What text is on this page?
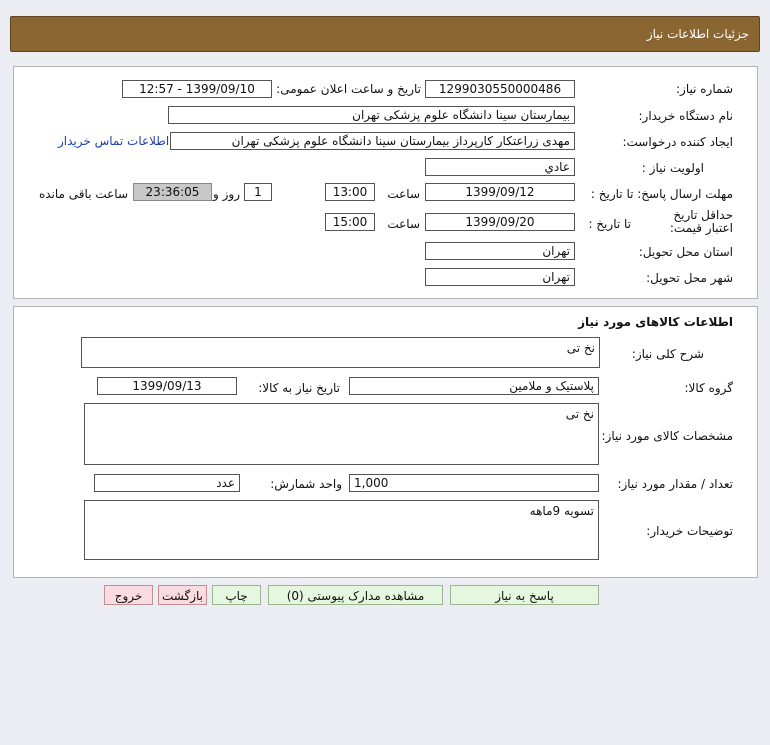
جزئیات اطلاعات نیاز
شماره نیاز:
1299030550000486
تاریخ و ساعت اعلان عمومی:
1399/09/10 - 12:57
نام دستگاه خریدار:
بیمارستان سینا دانشگاه علوم پزشکی تهران
ایجاد کننده درخواست:
مهدی زراعتکار کارپرداز بیمارستان سینا دانشگاه علوم پزشکی تهران
اطلاعات تماس خریدار
اولویت نیاز :
عادي
مهلت ارسال پاسخ: تا تاریخ :
1399/09/12
ساعت
13:00
1
روز و
23:36:05
ساعت باقی مانده
حداقل تاریخ اعتبار قیمت:
تا تاریخ :
1399/09/20
ساعت
15:00
استان محل تحویل:
تهران
شهر محل تحویل:
تهران
اطلاعات کالاهای مورد نیاز
شرح کلی نیاز:
نخ تی
گروه کالا:
پلاستیک و ملامین
تاریخ نیاز به کالا:
1399/09/13
مشخصات کالای مورد نیاز:
نخ تی
تعداد / مقدار مورد نیاز:
1,000
واحد شمارش:
عدد
توضیحات خریدار:
تسویه 9ماهه
پاسخ به نیاز
مشاهده مدارک پیوستی (0)
چاپ
بازگشت
خروج
